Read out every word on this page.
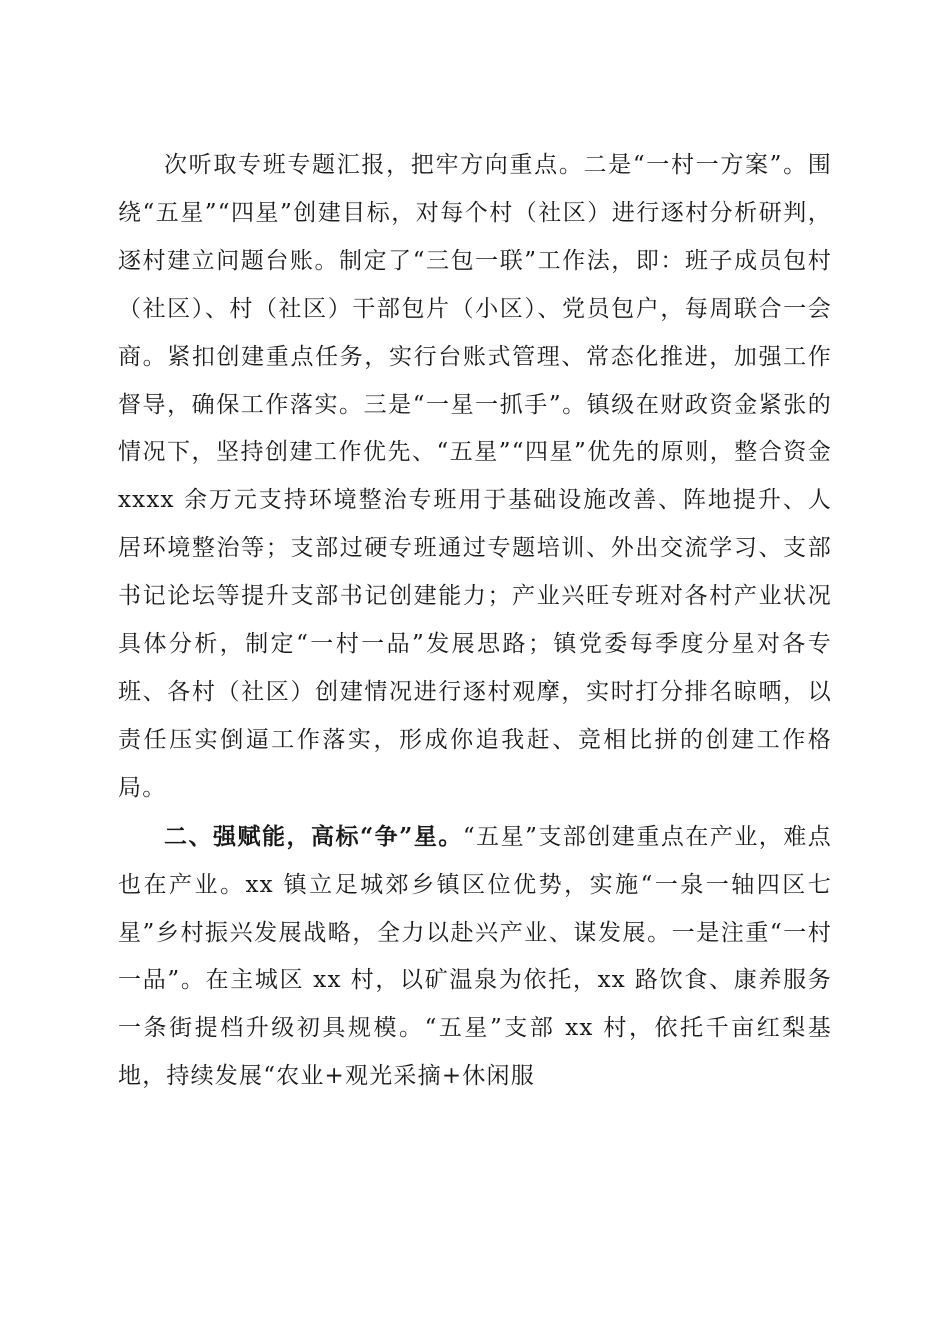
次听取专班专题汇报，把牢方向重点。二是“一村一方案”。围绕“五星”“四星”创建目标，对每个村（社区）进行逐村分析研判，逐村建立问题台账。制定了“三包一联”工作法，即：班子成员包村（社区）、村（社区）干部包片（小区）、党员包户，每周联合一会商。紧扣创建重点任务，实行台账式管理、常态化推进，加强工作督导，确保工作落实。三是“一星一抓手”。镇级在财政资金紧张的情况下，坚持创建工作优先、“五星”“四星”优先的原则，整合资金 xxxx 余万元支持环境整治专班用于基础设施改善、阵地提升、人居环境整治等；支部过硬专班通过专题培训、外出交流学习、支部书记论坛等提升支部书记创建能力；产业兴旺专班对各村产业状况具体分析，制定“一村一品”发展思路；镇党委每季度分星对各专班、各村（社区）创建情况进行逐村观摩，实时打分排名晾晒，以责任压实倒逼工作落实，形成你追我赶、竞相比拼的创建工作格局。

二、强赋能，高标“争”星。“五星”支部创建重点在产业，难点也在产业。xx 镇立足城郊乡镇区位优势，实施“一泉一轴四区七星”乡村振兴发展战略，全力以赴兴产业、谋发展。一是注重“一村一品”。在主城区 xx 村，以矿温泉为依托，xx 路饮食、康养服务一条街提档升级初具规模。“五星”支部 xx 村，依托千亩红梨基地，持续发展“农业+观光采摘+休闲服
